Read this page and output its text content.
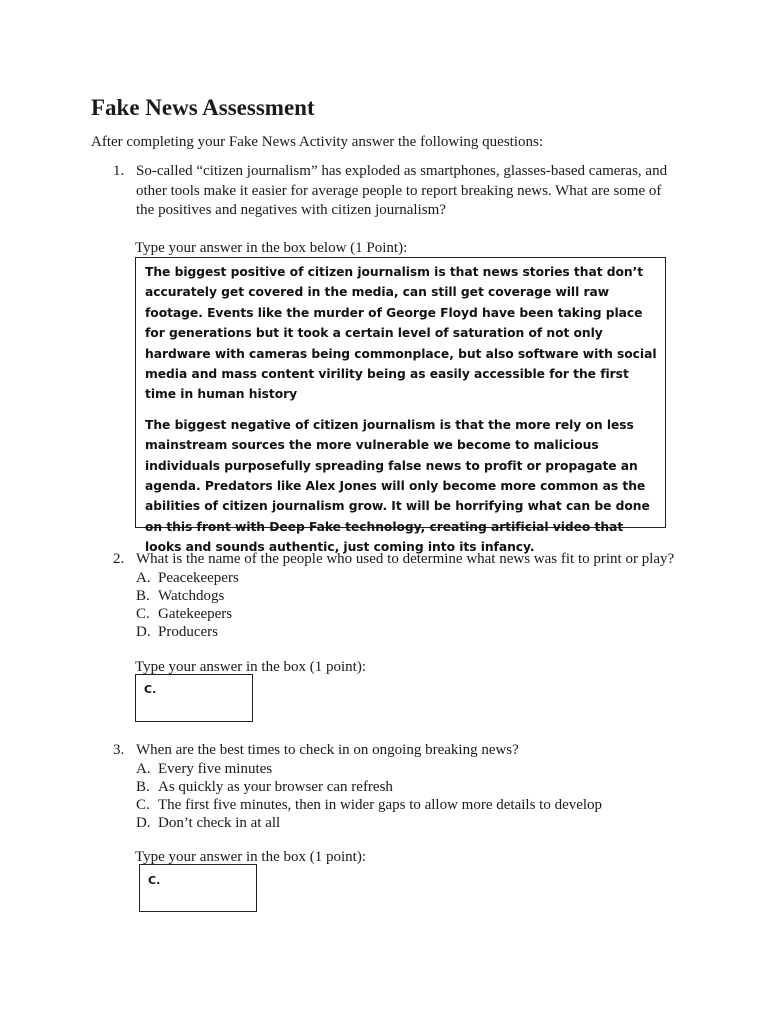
Fake News Assessment

After completing your Fake News Activity answer the following questions:

1. So-called “citizen journalism” has exploded as smartphones, glasses-based cameras, and other tools make it easier for average people to report breaking news. What are some of the positives and negatives with citizen journalism?

Type your answer in the box below (1 Point):

The biggest positive of citizen journalism is that news stories that don’t accurately get covered in the media, can still get coverage will raw footage. Events like the murder of George Floyd have been taking place for generations but it took a certain level of saturation of not only hardware with cameras being commonplace, but also software with social media and mass content virility being as easily accessible for the first time in human history

The biggest negative of citizen journalism is that the more rely on less mainstream sources the more vulnerable we become to malicious individuals purposefully spreading false news to profit or propagate an agenda. Predators like Alex Jones will only become more common as the abilities of citizen journalism grow. It will be horrifying what can be done on this front with Deep Fake technology, creating artificial video that looks and sounds authentic, just coming into its infancy.

2. What is the name of the people who used to determine what news was fit to print or play?

A. Peacekeepers
B. Watchdogs
C. Gatekeepers
D. Producers
Type your answer in the box (1 point):
C.
3. When are the best times to check in on ongoing breaking news?

A. Every five minutes
B. As quickly as your browser can refresh
C. The first five minutes, then in wider gaps to allow more details to develop
D. Don’t check in at all
Type your answer in the box (1 point):
C.
